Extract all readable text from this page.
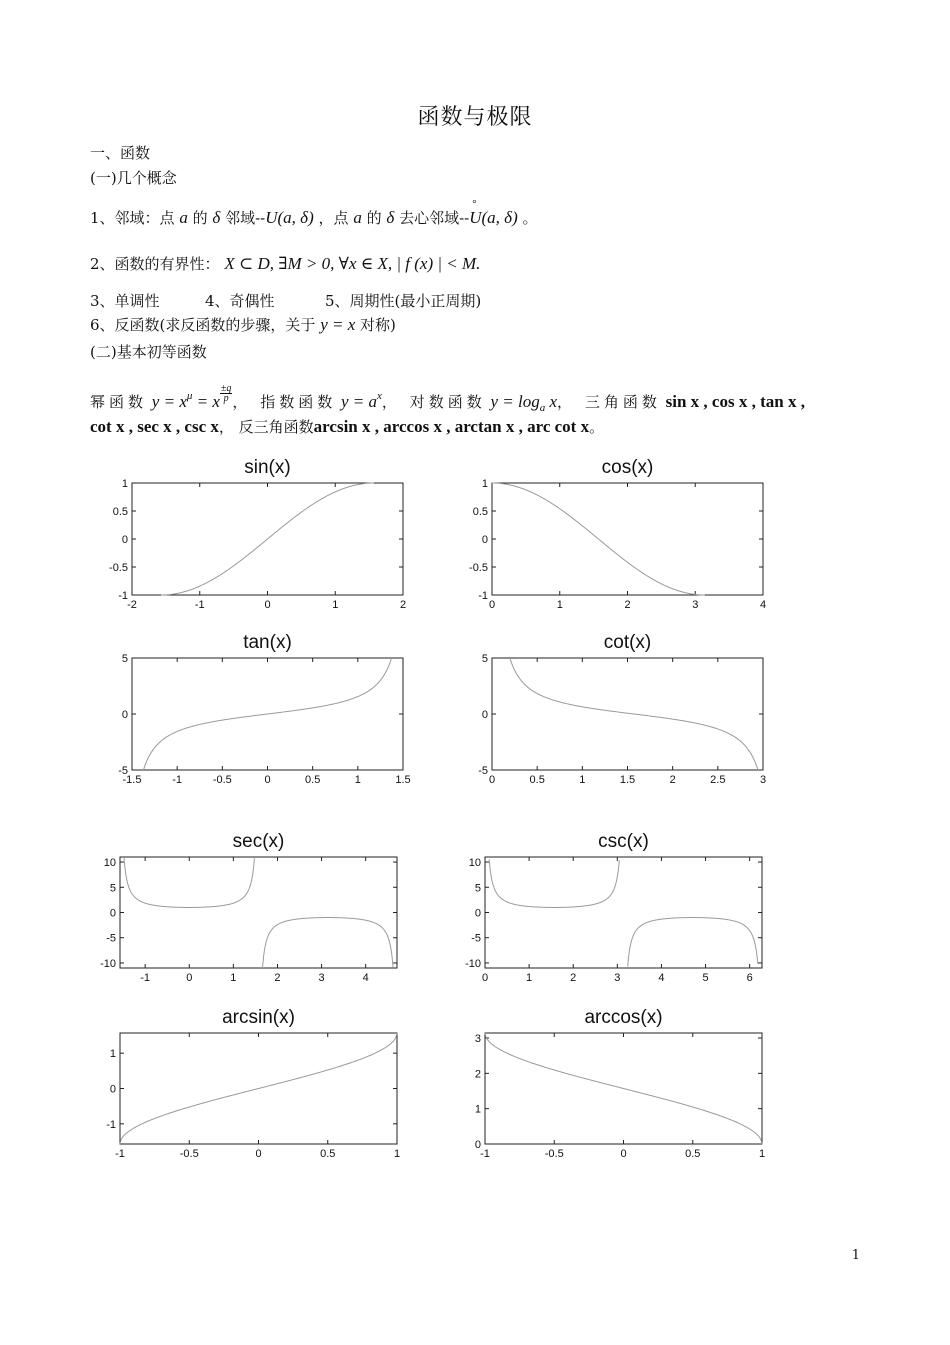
函数与极限
一、函数
(一)几个概念
1、邻域：点 a 的 δ 邻域--U(a, δ) ，点 a 的 δ 去心邻域--° U(a, δ) 。
2、函数的有界性： X ⊂ D, ∃M > 0, ∀x ∈ X, | f (x) | < M.
3、单调性	4、奇偶性	5、周期性(最小正周期)
6、反函数(求反函数的步骤，关于 y = x 对称)
(二)基本初等函数
幂函数 $y = x^\mu = x \frac{\pm q}{p}$ ， 指数函数 $y = a^x$， 对数函数 $y = \log_a x$， 三角函数 sin x , cos x , tan x ,
cot x , sec x , csc x， 反三角函数arcsin x , arccos x , arctan x , arc cot x。
sin(x)
-2	-1	0	1	2
1
0.5
0
-0.5
-1
cos(x)
0	1	2	3	4
1
0.5
0
-0.5
-1
tan(x)
-1.5	-1	-0.5	0	0.5	1	1.5
5
0
-5
cot(x)
0	0.5	1	1.5	2	2.5	3
5
0
-5
sec(x)
-1	0	1	2	3	4
10
5
0
-5
-10
csc(x)
0	1	2	3	4	5	6
10
5
0
-5
-10
arcsin(x)
-1	-0.5	0	0.5	1
1
0
-1
arccos(x)
-1	-0.5	0	0.5	1
3
2
1
0
1
